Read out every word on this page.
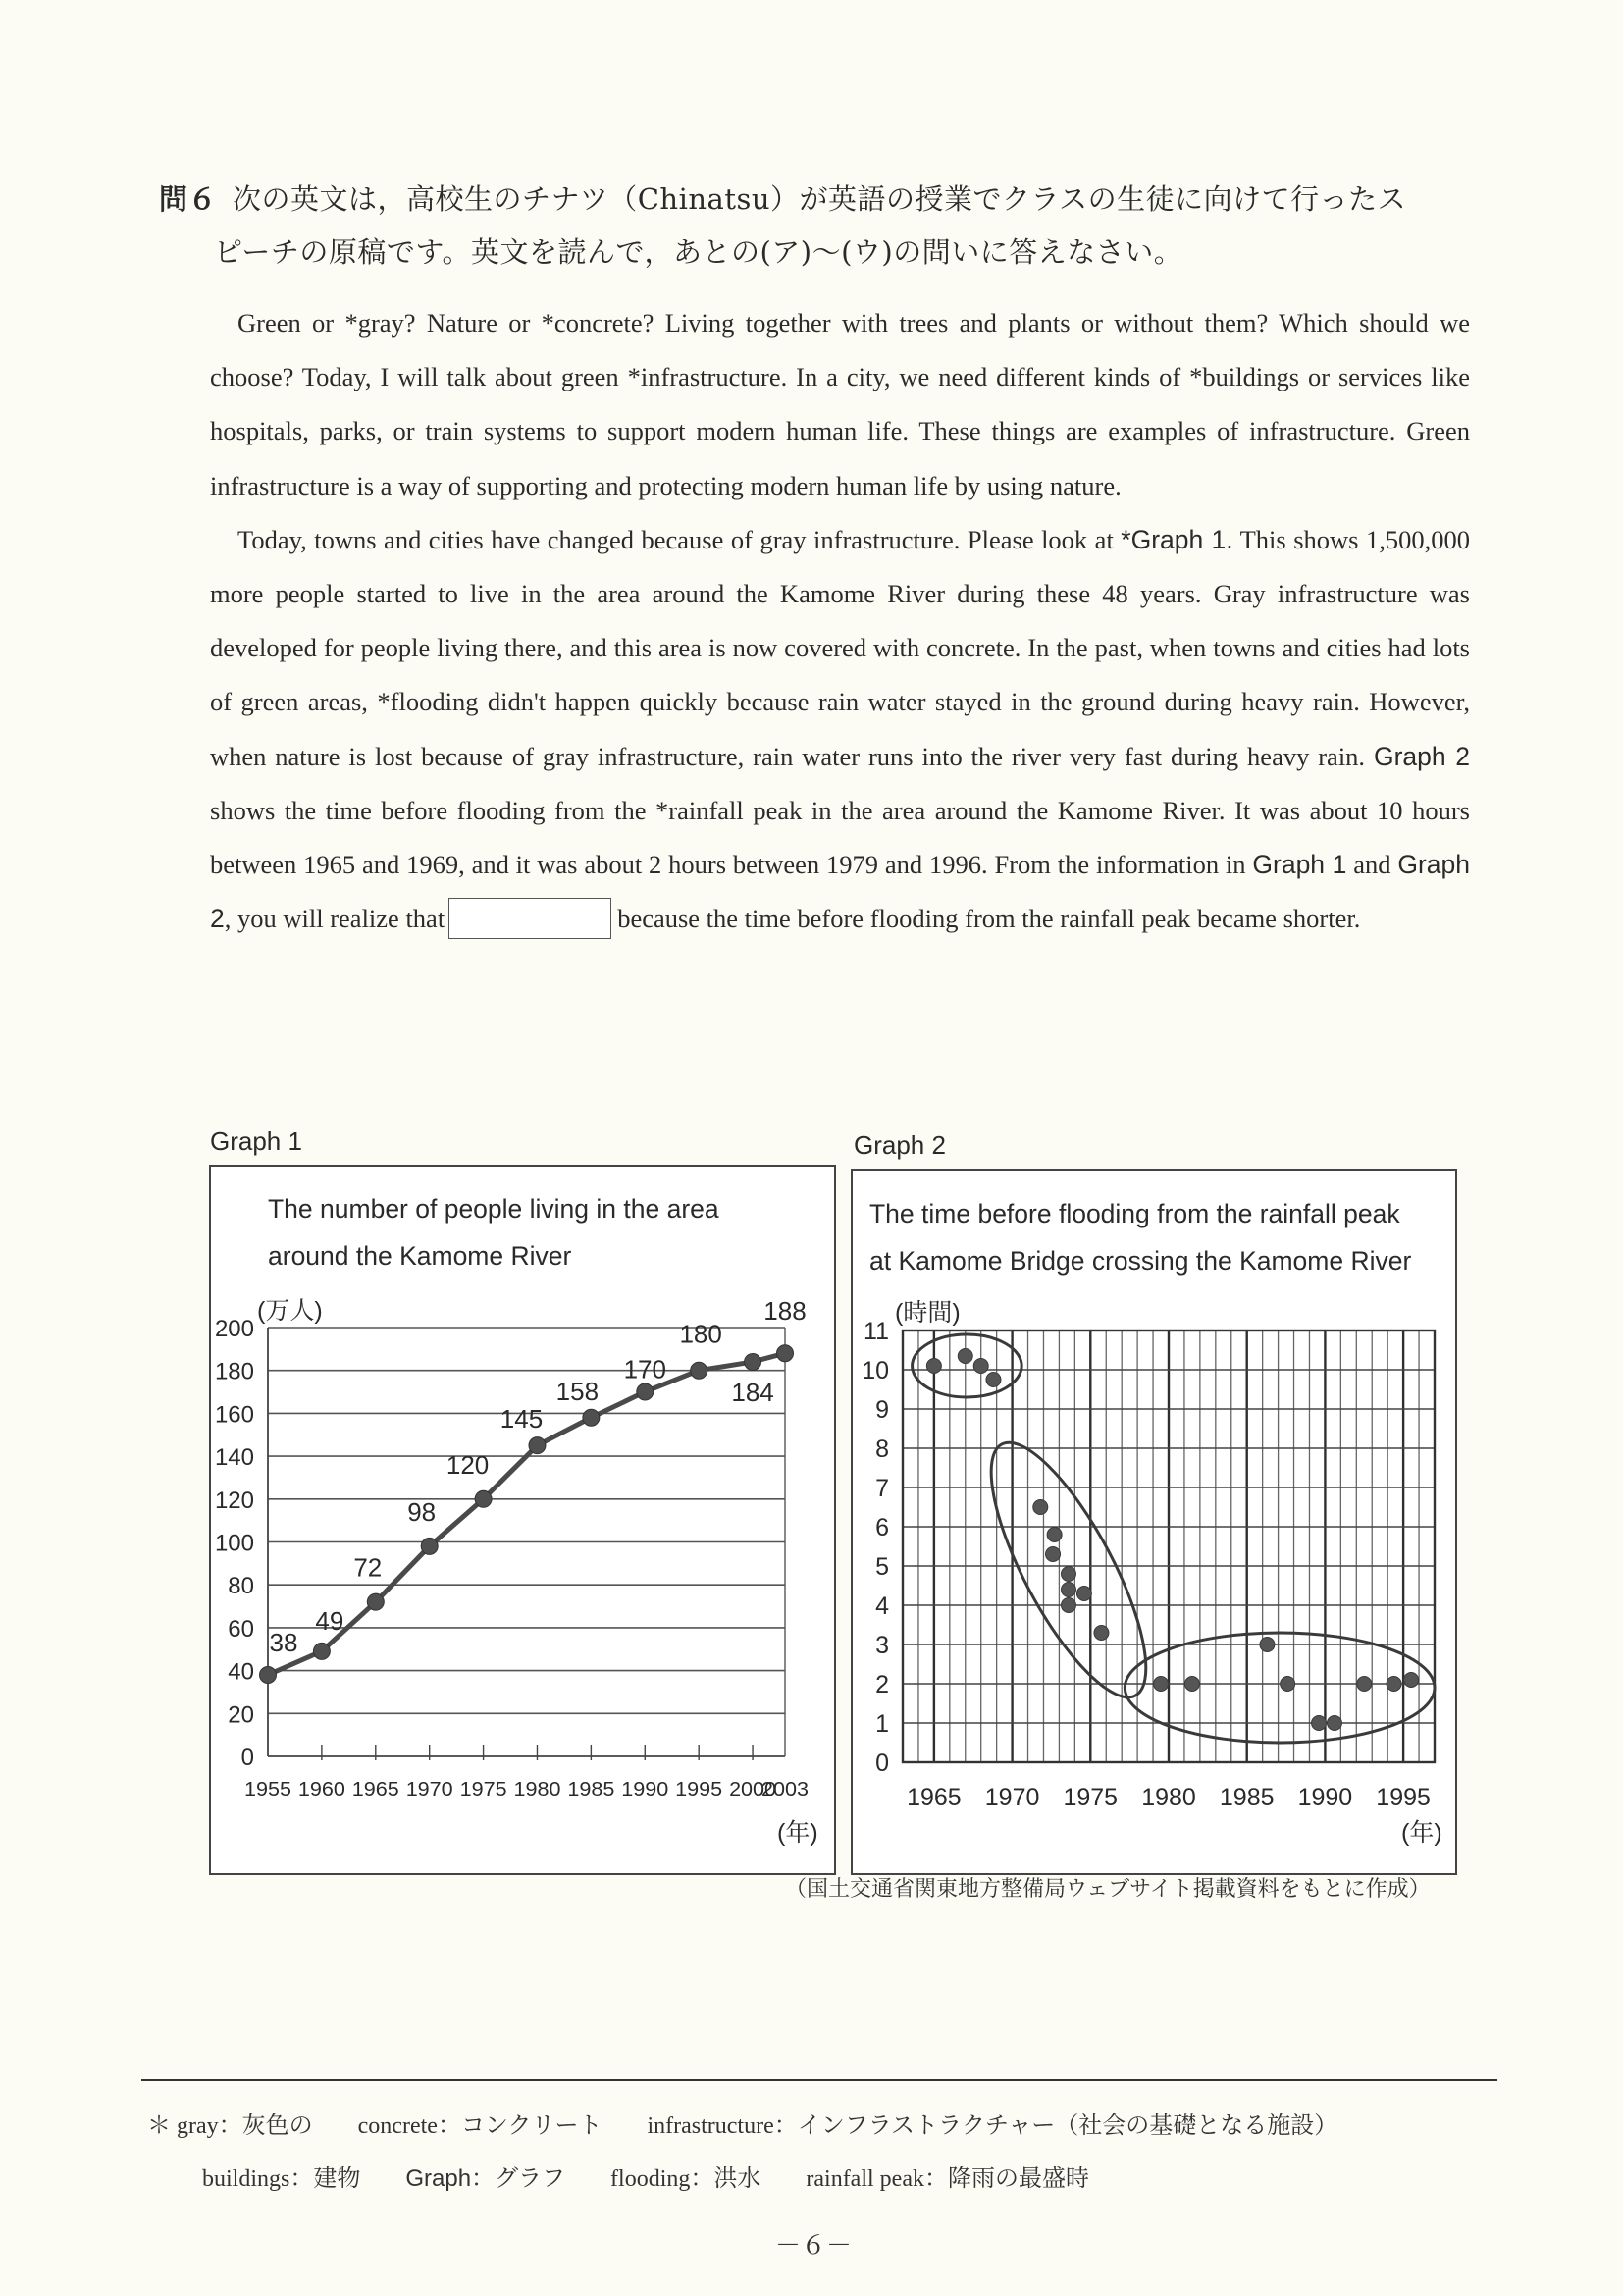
問６ 次の英文は，高校生のチナツ（Chinatsu）が英語の授業でクラスの生徒に向けて行ったス
ピーチの原稿です。英文を読んで，あとの(ア)〜(ウ)の問いに答えなさい。

Green or *gray? Nature or *concrete? Living together with trees and plants or without them? Which should we choose? Today, I will talk about green *infrastructure. In a city, we need different kinds of *buildings or services like hospitals, parks, or train systems to support modern human life. These things are examples of infrastructure. Green infrastructure is a way of supporting and protecting modern human life by using nature.

Today, towns and cities have changed because of gray infrastructure. Please look at *Graph 1. This shows 1,500,000 more people started to live in the area around the Kamome River during these 48 years. Gray infrastructure was developed for people living there, and this area is now covered with concrete. In the past, when towns and cities had lots of green areas, *flooding didn't happen quickly because rain water stayed in the ground during heavy rain. However, when nature is lost because of gray infrastructure, rain water runs into the river very fast during heavy rain. Graph 2 shows the time before flooding from the *rainfall peak in the area around the Kamome River. It was about 10 hours between 1965 and 1969, and it was about 2 hours between 1979 and 1996. From the information in Graph 1 and Graph 2, you will realize that	because the time before flooding from the rainfall peak became shorter.

Graph 1	Graph 2
The number of people living in the area
around the Kamome River
(万人)
(年)
0
20
40
60
80
100
120
140
160
180
200
1955 1960 1965 1970 1975 1980 1985 1990 1995 2000
2003
38
49
72
98
120
145
158
170
180
184
188
The time before flooding from the rainfall peak
at Kamome Bridge crossing the Kamome River
(時間)
(年)
0
1
2
3
4
5
6
7
8
9
10
11
1965 1970 1975 1980 1985 1990 1995
（国土交通省関東地方整備局ウェブサイト掲載資料をもとに作成）
＊ gray：灰色の concrete：コンクリート infrastructure：インフラストラクチャー（社会の基礎となる施設）
buildings：建物 Graph：グラフ flooding：洪水 rainfall peak：降雨の最盛時
－６－
